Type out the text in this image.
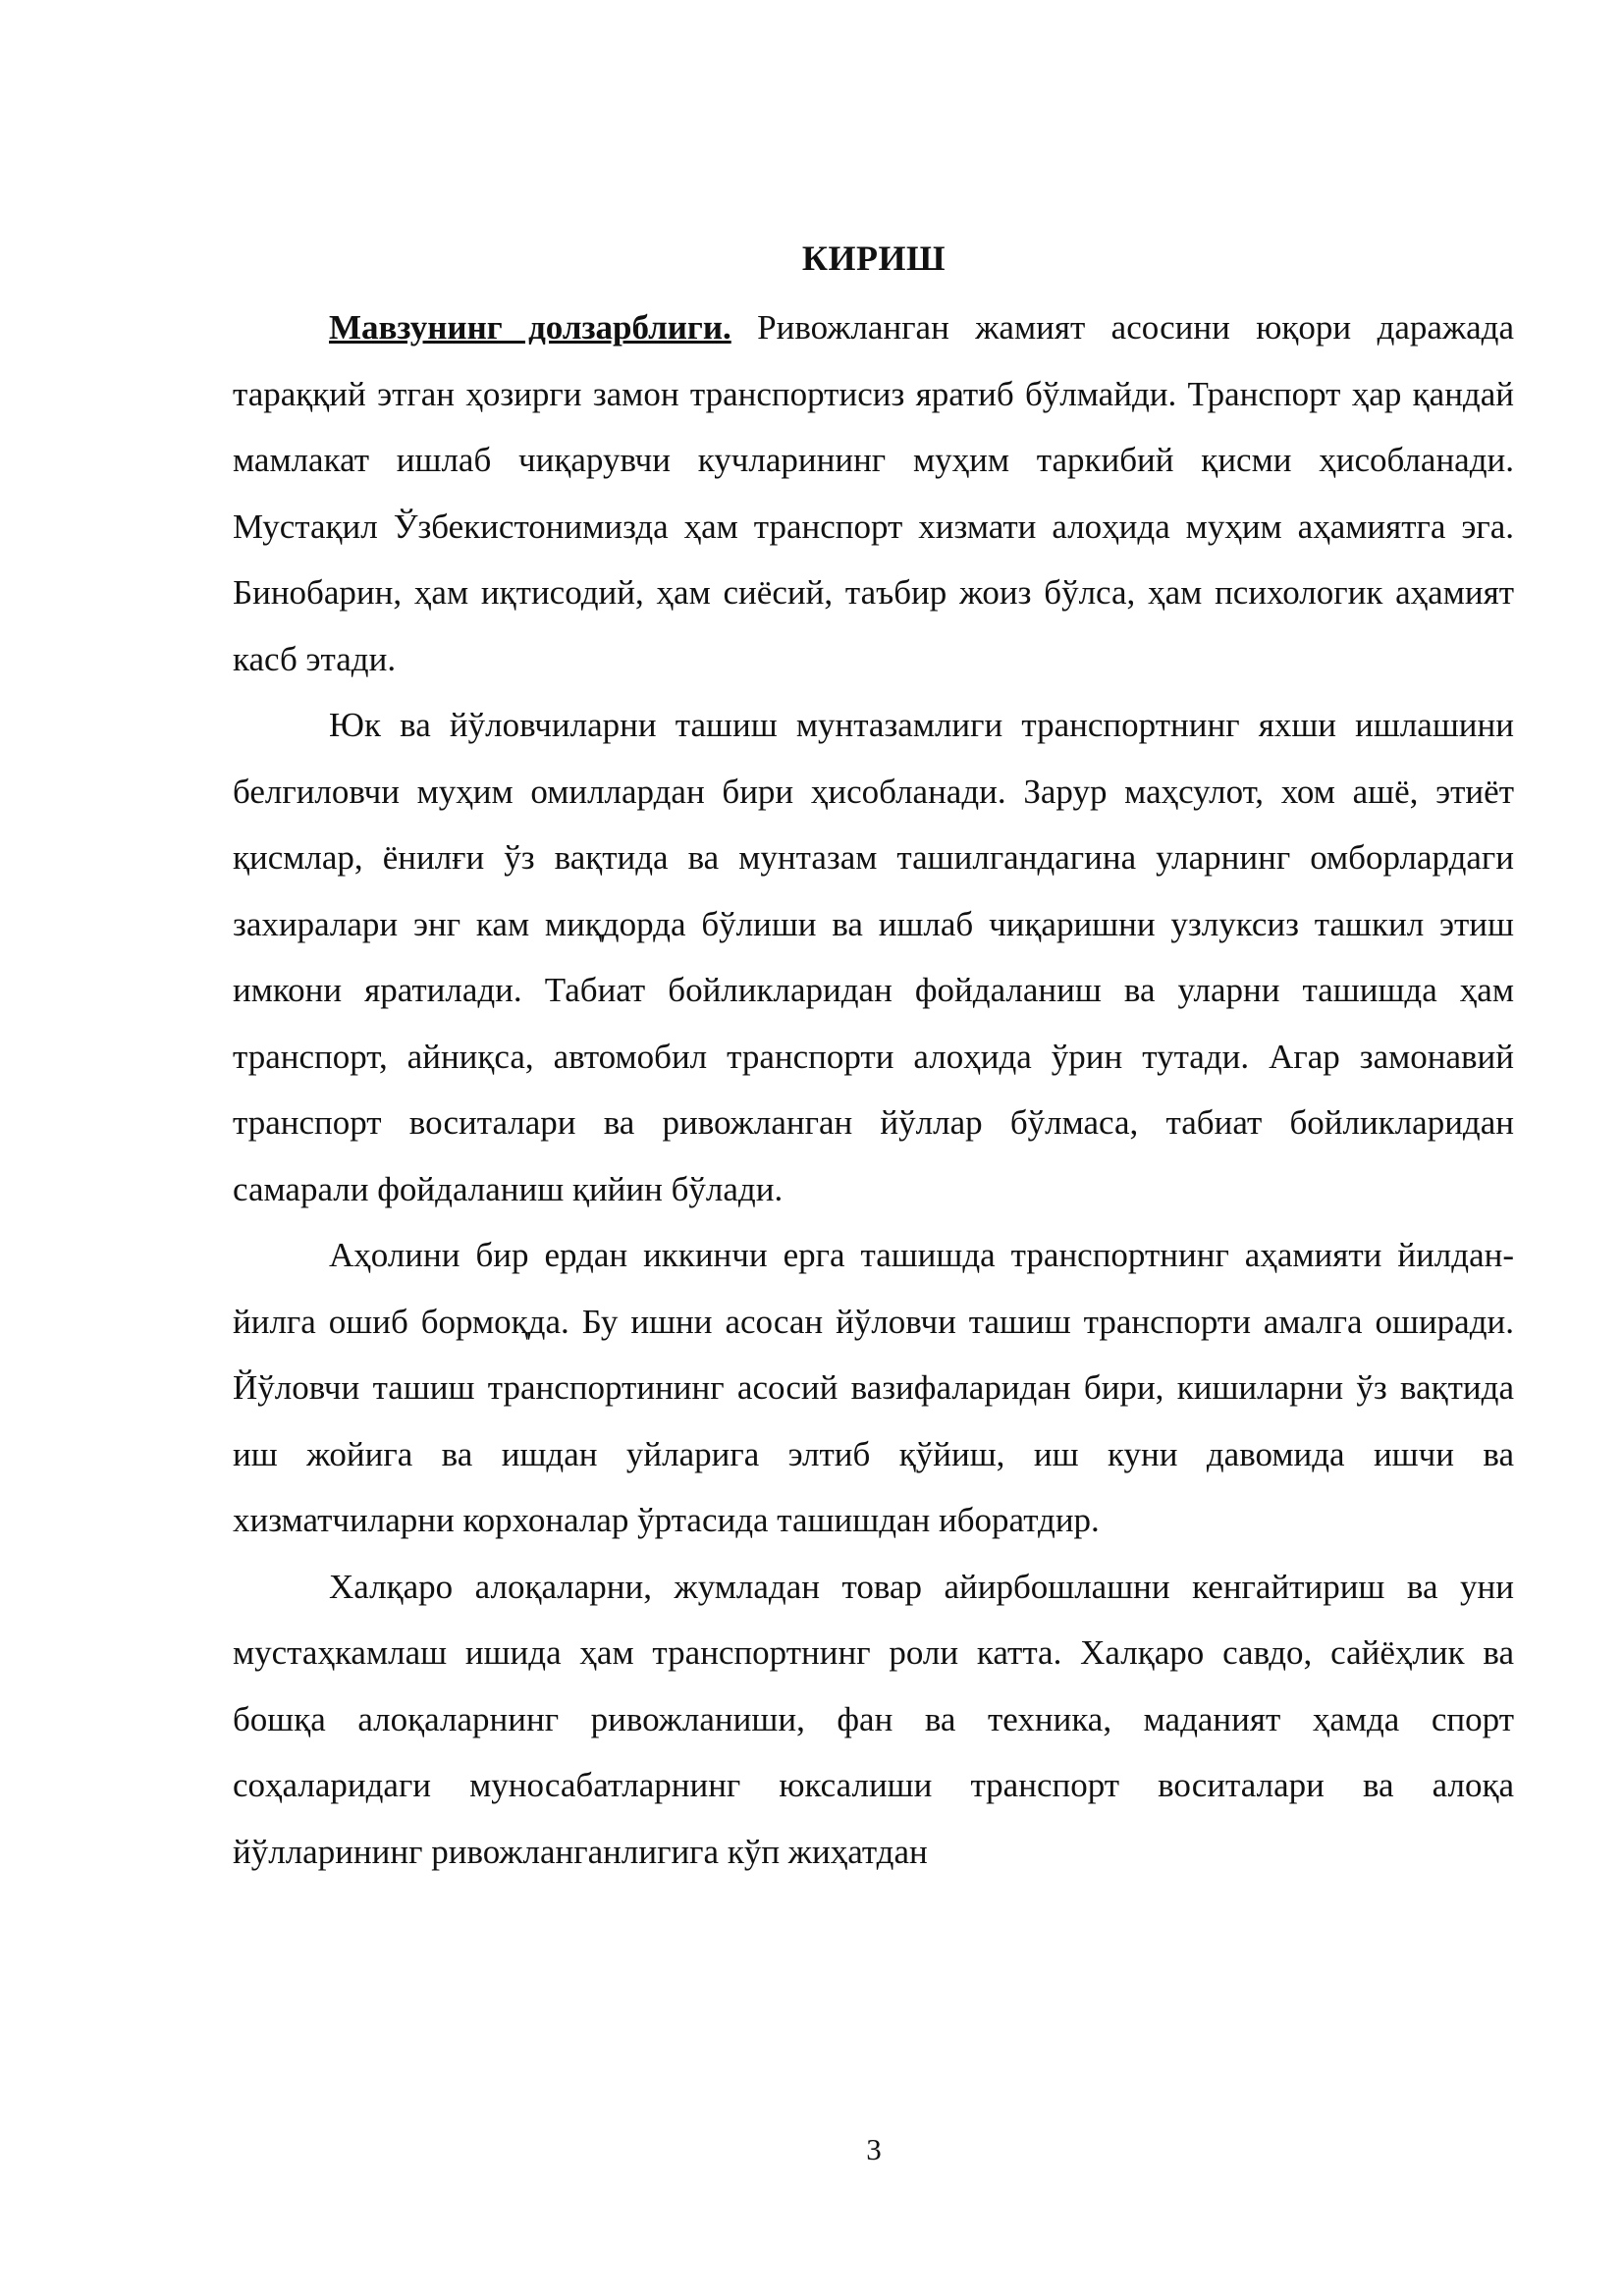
КИРИШ

Мавзунинг долзарблиги. Ривожланган жамият асосини юқори даражада тараққий этган ҳозирги замон транспортисиз яратиб бўлмайди. Транспорт ҳар қандай мамлакат ишлаб чиқарувчи кучларининг муҳим таркибий қисми ҳисобланади. Мустақил Ўзбекистонимизда ҳам транспорт хизмати алоҳида муҳим аҳамиятга эга. Бинобарин, ҳам иқтисодий, ҳам сиёсий, таъбир жоиз бўлса, ҳам психологик аҳамият касб этади.

Юк ва йўловчиларни ташиш мунтазамлиги транспортнинг яхши ишлашини белгиловчи муҳим омиллардан бири ҳисобланади. Зарур маҳсулот, хом ашё, этиёт қисмлар, ёнилғи ўз вақтида ва мунтазам ташилгандагина уларнинг омборлардаги захиралари энг кам миқдорда бўлиши ва ишлаб чиқаришни узлуксиз ташкил этиш имкони яратилади. Табиат бойликларидан фойдаланиш ва уларни ташишда ҳам транспорт, айниқса, автомобил транспорти алоҳида ўрин тутади. Агар замонавий транспорт воситалари ва ривожланган йўллар бўлмаса, табиат бойликларидан самарали фойдаланиш қийин бўлади.

Аҳолини бир ердан иккинчи ерга ташишда транспортнинг аҳамияти йилдан-йилга ошиб бормоқда. Бу ишни асосан йўловчи ташиш транспорти амалга оширади. Йўловчи ташиш транспортининг асосий вазифаларидан бири, кишиларни ўз вақтида иш жойига ва ишдан уйларига элтиб қўйиш, иш куни давомида ишчи ва хизматчиларни корхоналар ўртасида ташишдан иборатдир.

Халқаро алоқаларни, жумладан товар айирбошлашни кенгайтириш ва уни мустаҳкамлаш ишида ҳам транспортнинг роли катта. Халқаро савдо, сайёҳлик ва бошқа алоқаларнинг ривожланиши, фан ва техника, маданият ҳамда спорт соҳаларидаги муносабатларнинг юксалиши транспорт воситалари ва алоқа йўлларининг ривожланганлигига кўп жиҳатдан

3
